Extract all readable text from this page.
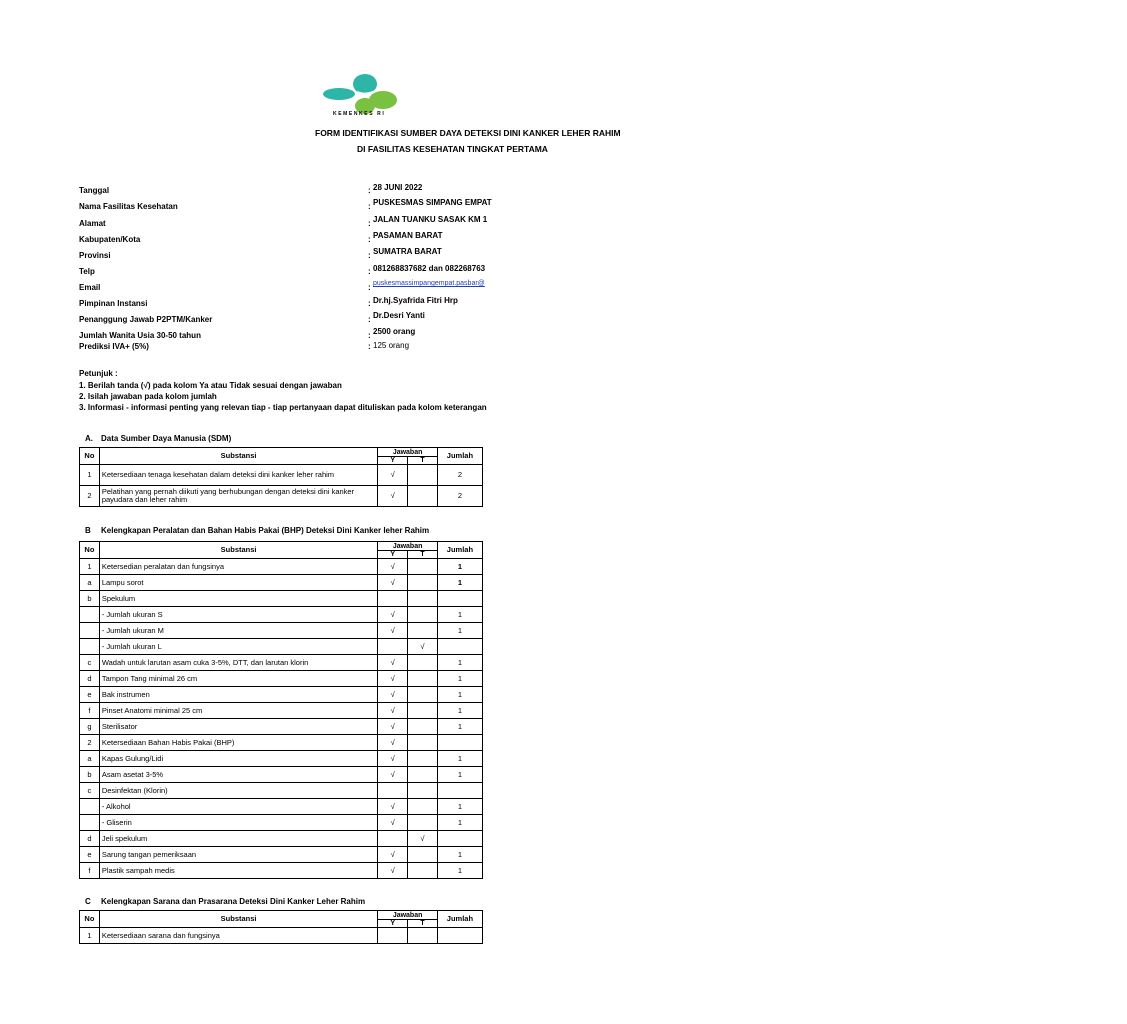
KEMENKES RI
FORM IDENTIFIKASI SUMBER DAYA DETEKSI DINI KANKER LEHER RAHIM
DI FASILITAS KESEHATAN TINGKAT PERTAMA
Tanggal	: 28 JUNI 2022
Nama Fasilitas Kesehatan	: PUSKESMAS SIMPANG EMPAT
Alamat	: JALAN TUANKU SASAK KM 1
Kabupaten/Kota	: PASAMAN BARAT
Provinsi	: SUMATRA BARAT
Telp	: 081268837682 dan 082268763
Email	: puskesmassimpangempat.pasbar@
Pimpinan Instansi	: Dr.hj.Syafrida Fitri Hrp
Penanggung Jawab P2PTM/Kanker	: Dr.Desri Yanti
Jumlah Wanita Usia 30-50 tahun	: 2500 orang
Prediksi IVA+ (5%)	: 125 orang
Petunjuk :
1. Berilah tanda (√) pada kolom Ya atau Tidak sesuai dengan jawaban
2. Isilah jawaban pada kolom jumlah
3. Informasi - informasi penting yang relevan tiap - tiap pertanyaan dapat dituliskan pada kolom keterangan
A. Data Sumber Daya Manusia (SDM)
No	Substansi	Jawaban		Jumlah
		Y	T	
1	Ketersediaan tenaga kesehatan dalam deteksi dini kanker leher rahim	√		2
2	Pelatihan yang pernah diikuti yang berhubungan dengan deteksi dini kanker payudara dan leher rahim	√		2
B Kelengkapan Peralatan dan Bahan Habis Pakai (BHP) Deteksi Dini Kanker leher Rahim
No	Substansi	Jawaban		Jumlah
		Y	T	
1	Ketersedian peralatan dan fungsinya	√		1
a	Lampu sorot	√		1
b	Spekulum			
	- Jumlah ukuran S	√		1
	- Jumlah ukuran M	√		1
	- Jumlah ukuran L		√	
c	Wadah untuk larutan asam cuka 3-5%, DTT, dan larutan klorin	√		1
d	Tampon Tang minimal 26 cm	√		1
e	Bak instrumen	√		1
f	Pinset Anatomi minimal 25 cm	√		1
g	Sterilisator	√		1
2	Ketersediaan Bahan Habis Pakai (BHP)	√		
a	Kapas Gulung/Lidi	√		1
b	Asam asetat 3-5%	√		1
c	Desinfektan (Klorin)			
	- Alkohol	√		1
	- Gliserin	√		1
d	Jeli spekulum		√	
e	Sarung tangan pemeriksaan	√		1
f	Plastik sampah medis	√		1
C Kelengkapan Sarana dan Prasarana Deteksi Dini Kanker Leher Rahim
No	Substansi	Jawaban		Jumlah
		Y	T	
1	Ketersediaan sarana dan fungsinya			
